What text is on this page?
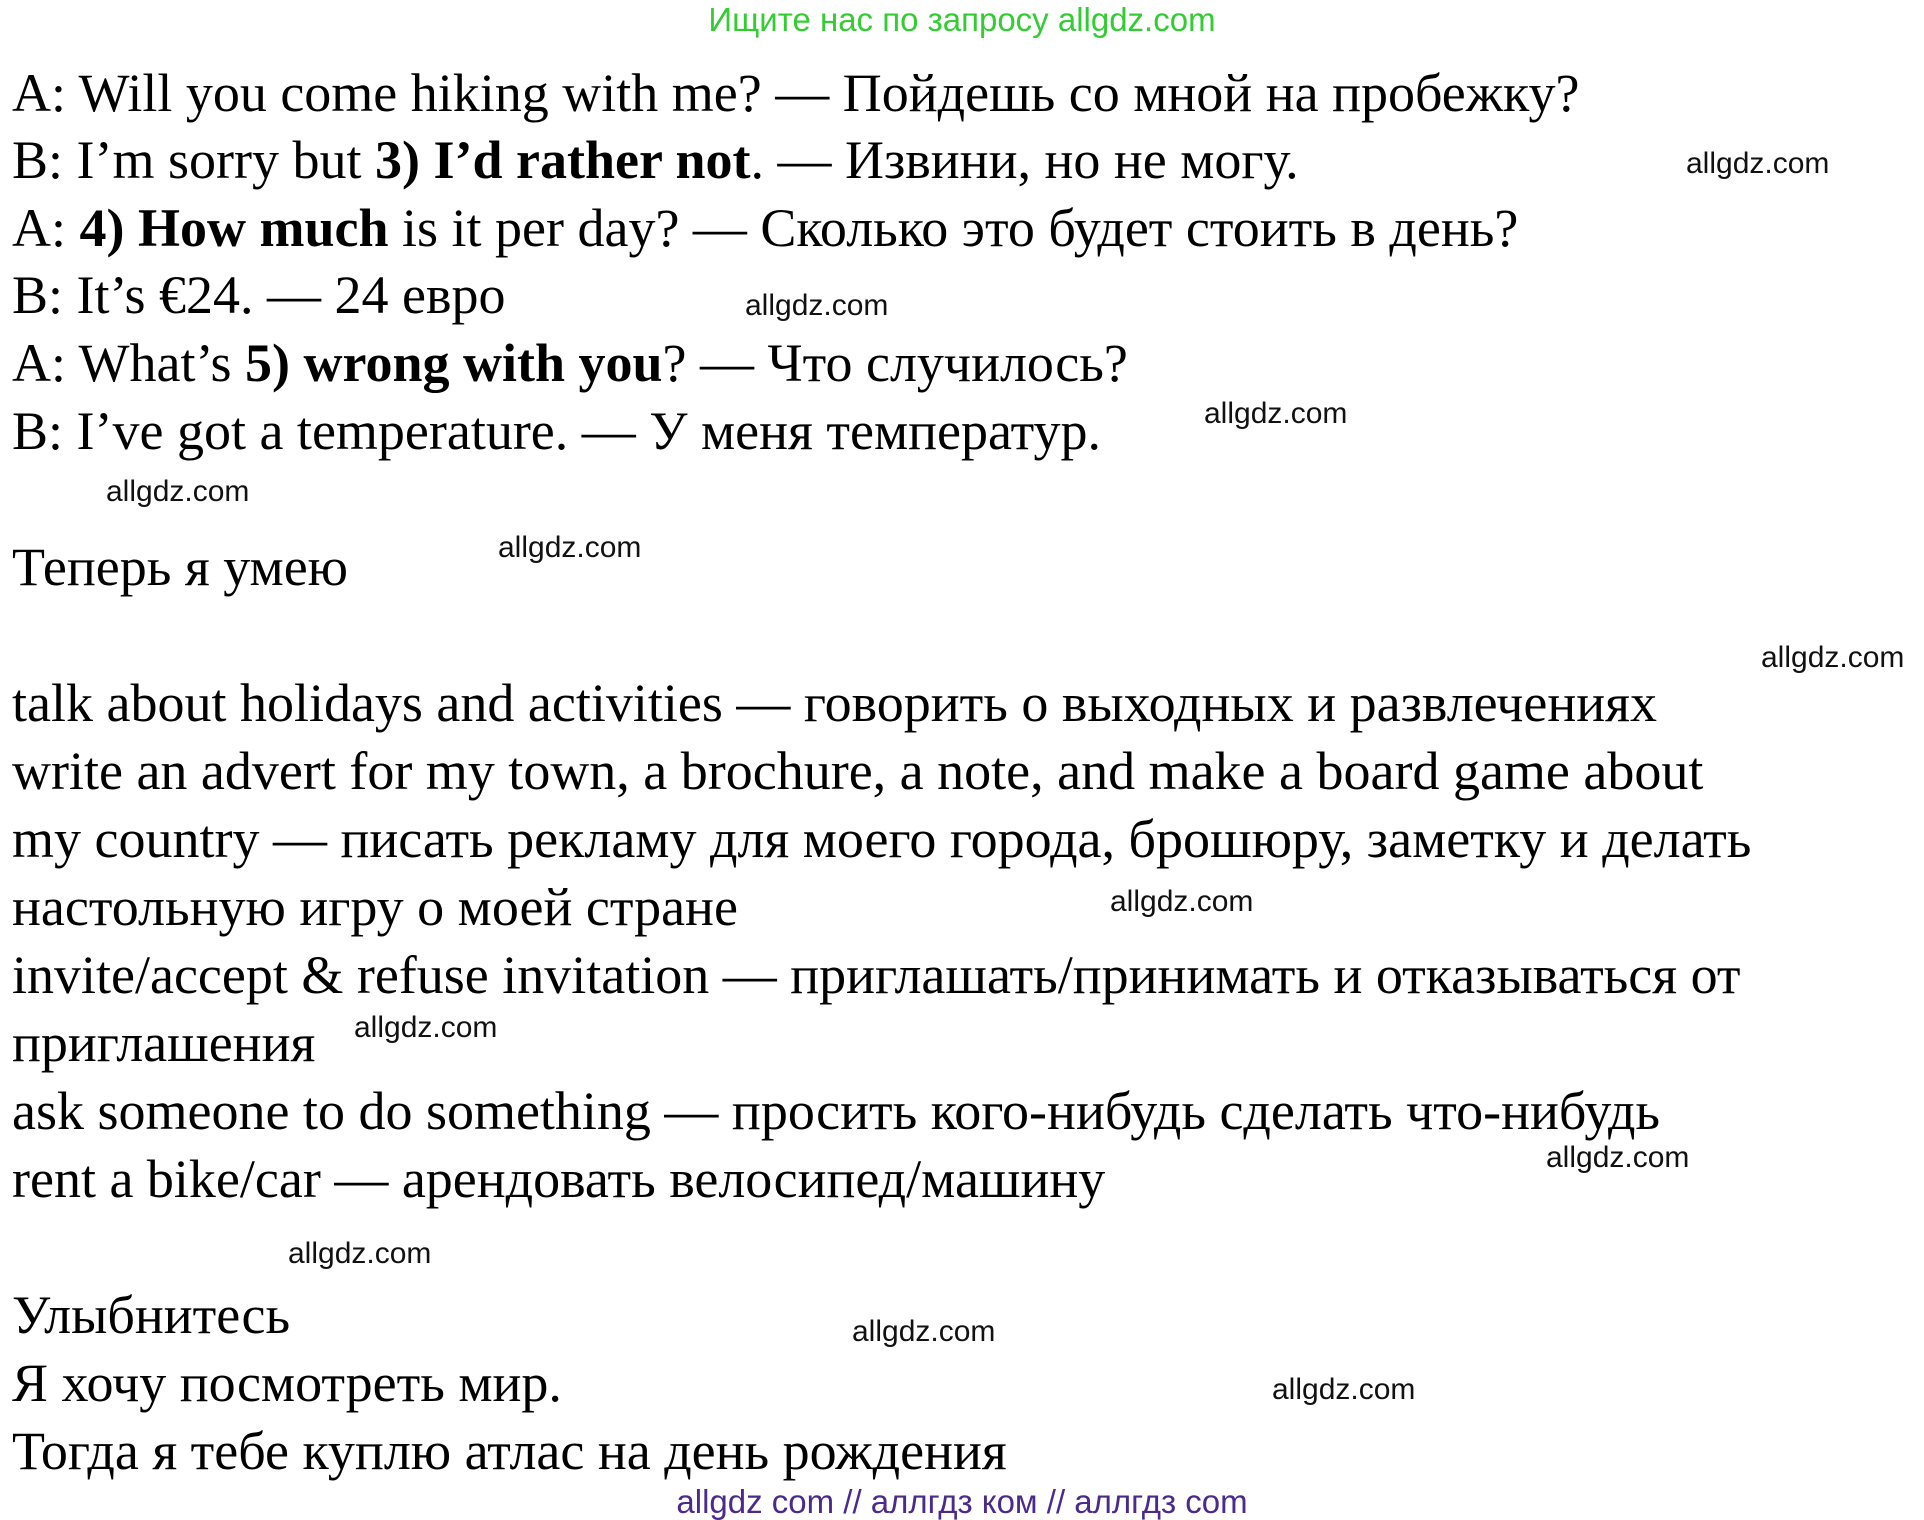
Ищите нас по запросу allgdz.com
A: Will you come hiking with me? — Пойдешь со мной на пробежку?
B: I’m sorry but 3) I’d rather not. — Извини, но не могу.
A: 4) How much is it per day? — Сколько это будет стоить в день?
B: It’s €24. — 24 евро
A: What’s 5) wrong with you? — Что случилось?
B: I’ve got a temperature. — У меня температур.
Теперь я умею
talk about holidays and activities — говорить о выходных и развлечениях
write an advert for my town, a brochure, a note, and make a board game about
my country — писать рекламу для моего города, брошюру, заметку и делать
настольную игру о моей стране
invite/accept & refuse invitation — приглашать/принимать и отказываться от
приглашения
ask someone to do something — просить кого-нибудь сделать что-нибудь
rent a bike/car — арендовать велосипед/машину
Улыбнитесь
Я хочу посмотреть мир.
Тогда я тебе куплю атлас на день рождения
allgdz.com
allgdz.com
allgdz.com
allgdz.com
allgdz.com
allgdz.com
allgdz.com
allgdz.com
allgdz.com
allgdz.com
allgdz.com
allgdz.com
allgdz com // аллгдз ком // аллгдз com
